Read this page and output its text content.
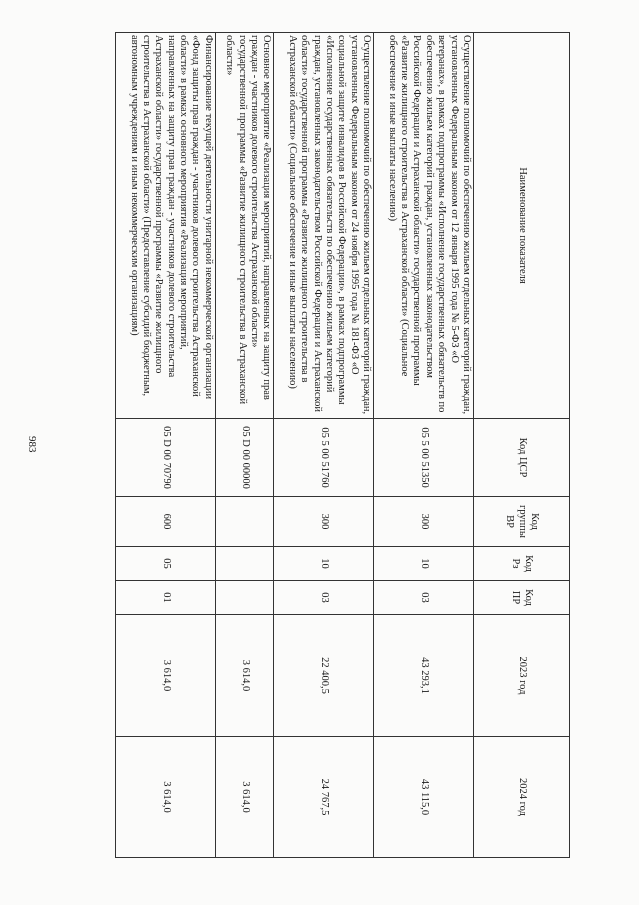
983
Наименование показателя	Код ЦСР	Код группы ВР	Код Рз	Код ПР	2023 год	2024 год
Осуществление полномочий по обеспечению жильем отдельных категорий граждан, установленных Федеральным законом от 12 января 1995 года № 5-ФЗ «О ветеранах», в рамках подпрограммы «Исполнение государственных обязательств по обеспечению жильем категорий граждан, установленных законодательством Российской Федерации и Астраханской области» государственной программы «Развитие жилищного строительства в Астраханской области» (Социальное обеспечение и иные выплаты населению)	05 5 00 51350	300	10	03	43 293,1	43 115,0
Осуществление полномочий по обеспечению жильем отдельных категорий граждан, установленных Федеральным законом от 24 ноября 1995 года № 181-ФЗ «О социальной защите инвалидов в Российской Федерации», в рамках подпрограммы «Исполнение государственных обязательств по обеспечению жильем категорий граждан, установленных законодательством Российской Федерации и Астраханской области» государственной программы «Развитие жилищного строительства в Астраханской области» (Социальное обеспечение и иные выплаты населению)	05 5 00 51760	300	10	03	22 400,5	24 767,5
Основное мероприятие «Реализация мероприятий, направленных на защиту прав граждан - участников долевого строительства Астраханской области» государственной программы «Развитие жилищного строительства в Астраханской области»	05 D 00 00000				3 614,0	3 614,0
Финансирование текущей деятельности унитарной некоммерческой организации «Фонд защиты прав граждан - участников долевого строительства Астраханской области» в рамках основного мероприятия «Реализация мероприятий, направленных на защиту прав граждан - участников долевого строительства Астраханской области» государственной программы «Развитие жилищного строительства в Астраханской области» (Предоставление субсидий бюджетным, автономным учреждениям и иным некоммерческим организациям)	05 D 00 70790	600	05	01	3 614,0	3 614,0
